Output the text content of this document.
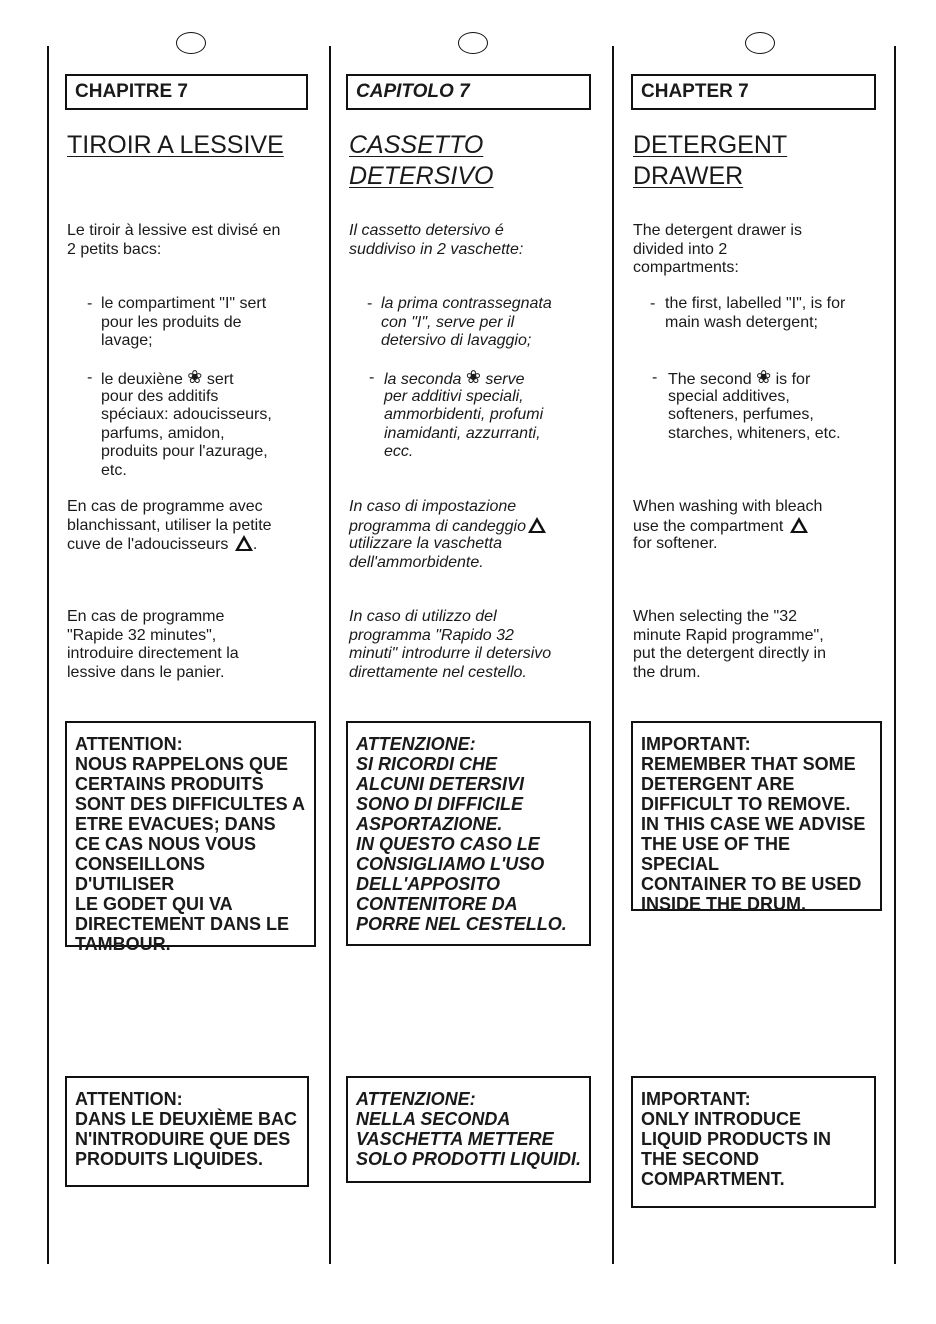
CHAPITRE 7
TIROIR A LESSIVE
Le tiroir à lessive est divisé en
2 petits bacs:
- le compartiment "I" sert
pour les produits de
lavage;
- le deuxiène ❀ sert
pour des additifs
spéciaux: adoucisseurs,
parfums, amidon,
produits pour l'azurage,
etc.
En cas de programme avec
blanchissant, utiliser la petite
cuve de l'adoucisseurs .
En cas de programme
"Rapide 32 minutes",
introduire directement la
lessive dans le panier.
ATTENTION:
NOUS RAPPELONS QUE
CERTAINS PRODUITS
SONT DES DIFFICULTES A
ETRE EVACUES; DANS
CE CAS NOUS VOUS
CONSEILLONS D'UTILISER
LE GODET QUI VA
DIRECTEMENT DANS LE
TAMBOUR.
ATTENTION:
DANS LE DEUXIÈME BAC
N'INTRODUIRE QUE DES
PRODUITS LIQUIDES.
CAPITOLO 7
CASSETTO
DETERSIVO
Il cassetto detersivo é
suddiviso in 2 vaschette:
- la prima contrassegnata
con "I", serve per il
detersivo di lavaggio;
- la seconda ❀ serve
per additivi speciali,
ammorbidenti, profumi
inamidanti, azzurranti,
ecc.
In caso di impostazione
programma di candeggio
utilizzare la vaschetta
dell'ammorbidente.
In caso di utilizzo del
programma "Rapido 32
minuti" introdurre il detersivo
direttamente nel cestello.
ATTENZIONE:
SI RICORDI CHE
ALCUNI DETERSIVI
SONO DI DIFFICILE
ASPORTAZIONE.
IN QUESTO CASO LE
CONSIGLIAMO L'USO
DELL'APPOSITO
CONTENITORE DA
PORRE NEL CESTELLO.
ATTENZIONE:
NELLA SECONDA
VASCHETTA METTERE
SOLO PRODOTTI LIQUIDI.
CHAPTER 7
DETERGENT
DRAWER
The detergent drawer is
divided into 2
compartments:
- the first, labelled "I", is for
main wash detergent;
- The second ❀ is for
special additives,
softeners, perfumes,
starches, whiteners, etc.
When washing with bleach
use the compartment
for softener.
When selecting the "32
minute Rapid programme",
put the detergent directly in
the drum.
IMPORTANT:
REMEMBER THAT SOME
DETERGENT ARE
DIFFICULT TO REMOVE.
IN THIS CASE WE ADVISE
THE USE OF THE SPECIAL
CONTAINER TO BE USED
INSIDE THE DRUM.
IMPORTANT:
ONLY INTRODUCE
LIQUID PRODUCTS IN
THE SECOND
COMPARTMENT.
